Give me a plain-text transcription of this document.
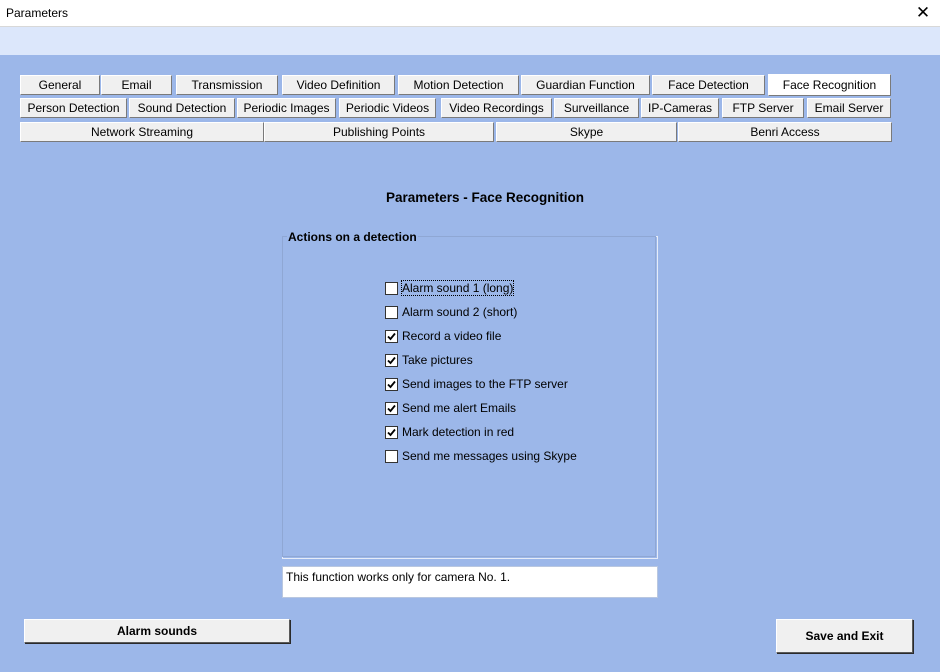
Parameters	✕
General	Email	Transmission	Video Definition	Motion Detection	Guardian Function	Face Detection	Face Recognition
Person Detection	Sound Detection	Periodic Images	Periodic Videos	Video Recordings	Surveillance	IP-Cameras	FTP Server	Email Server
Network Streaming	Publishing Points	Skype	Benri Access
Parameters - Face Recognition
Actions on a detection
Alarm sound 1 (long)
Alarm sound 2 (short)
Record a video file
Take pictures
Send images to the FTP server
Send me alert Emails
Mark detection in red
Send me messages using Skype
This function works only for camera No. 1.
Alarm sounds	Save and Exit
